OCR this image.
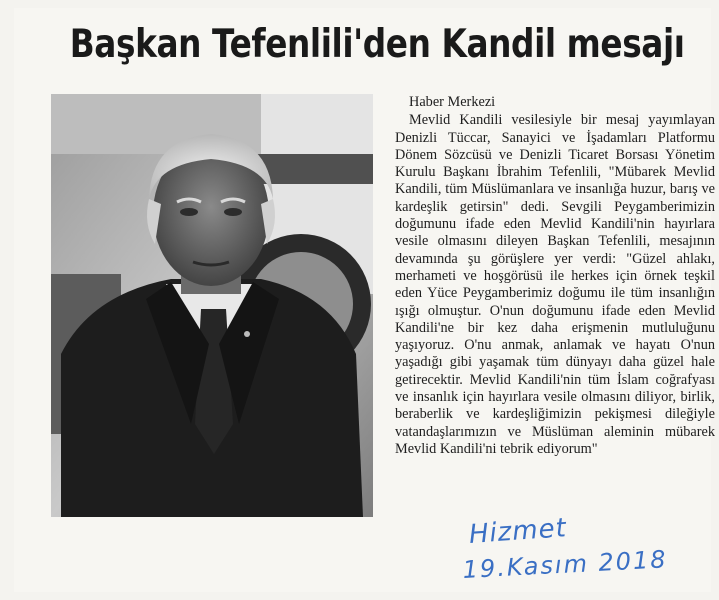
Başkan Tefenlili'den Kandil mesajı

Haber Merkezi

Mevlid Kandili vesilesiyle bir mesaj yayımlayan Denizli Tüccar, Sanayici ve İşadamları Platformu Dönem Sözcüsü ve Denizli Ticaret Borsası Yönetim Kurulu Başkanı İbrahim Tefenlili, "Mübarek Mevlid Kandili, tüm Müslümanlara ve insanlığa huzur, barış ve kardeşlik getirsin" dedi. Sevgili Peygamberimizin doğumunu ifade eden Mevlid Kandili'nin hayırlara vesile olmasını dileyen Başkan Tefenlili, mesajının devamında şu görüşlere yer verdi: "Güzel ahlakı, merhameti ve hoşgörüsü ile herkes için örnek teşkil eden Yüce Peygamberimiz doğumu ile tüm insanlığın ışığı olmuştur. O'nun doğumunu ifade eden Mevlid Kandili'ne bir kez daha erişmenin mutluluğunu yaşıyoruz. O'nu anmak, anlamak ve hayatı O'nun yaşadığı gibi yaşamak tüm dünyayı daha güzel hale getirecektir. Mevlid Kandili'nin tüm İslam coğrafyası ve insanlık için hayırlara vesile olmasını diliyor, birlik, beraberlik ve kardeşliğimizin pekişmesi dileğiyle vatandaşlarımızın ve Müslüman aleminin mübarek Mevlid Kandili'ni tebrik ediyorum"

Hizmet
19.Kasım 2018
